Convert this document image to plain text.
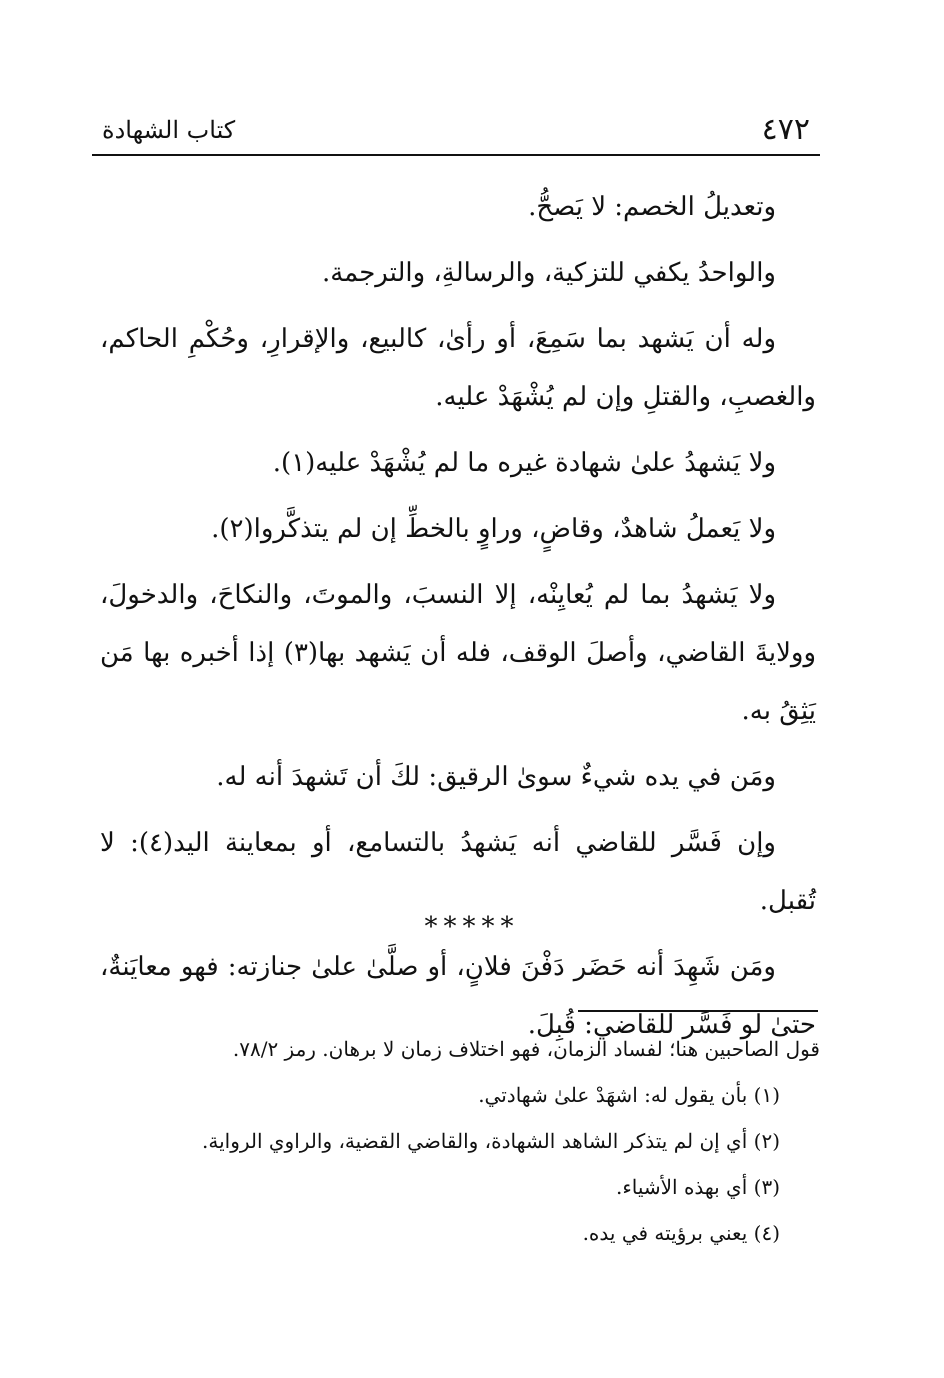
٤٧٢
كتاب الشهادة

وتعديلُ الخصم: لا يَصحُّ.

والواحدُ يكفي للتزكية، والرسالةِ، والترجمة.

وله أن يَشهد بما سَمِعَ، أو رأىٰ، كالبيع، والإقرارِ، وحُكْمِ الحاكم، والغصبِ، والقتلِ وإن لم يُشْهَدْ عليه.

ولا يَشهدُ علىٰ شهادة غيره ما لم يُشْهَدْ عليه(١).

ولا يَعملُ شاهدٌ، وقاضٍ، وراوٍ بالخطِّ إن لم يتذكَّروا(٢).

ولا يَشهدُ بما لم يُعايِنْه، إلا النسبَ، والموتَ، والنكاحَ، والدخولَ، وولايةَ القاضي، وأصلَ الوقف، فله أن يَشهد بها(٣) إذا أخبره بها مَن يَثِقُ به.

ومَن في يده شيءٌ سوىٰ الرقيق: لكَ أن تَشهدَ أنه له.

وإن فَسَّر للقاضي أنه يَشهدُ بالتسامع، أو بمعاينة اليد(٤): لا تُقبل.

ومَن شَهِدَ أنه حَضَر دَفْنَ فلانٍ، أو صلَّىٰ علىٰ جنازته: فهو معايَنةٌ، حتىٰ لو فَسَّر للقاضي: قُبِلَ.

*****

قول الصاحبين هنا؛ لفساد الزمان، فهو اختلاف زمان لا برهان. رمز ٧٨/٢.

(١) بأن يقول له: اشهَدْ علىٰ شهادتي.

(٢) أي إن لم يتذكر الشاهد الشهادة، والقاضي القضية، والراوي الرواية.

(٣) أي بهذه الأشياء.

(٤) يعني برؤيته في يده.
